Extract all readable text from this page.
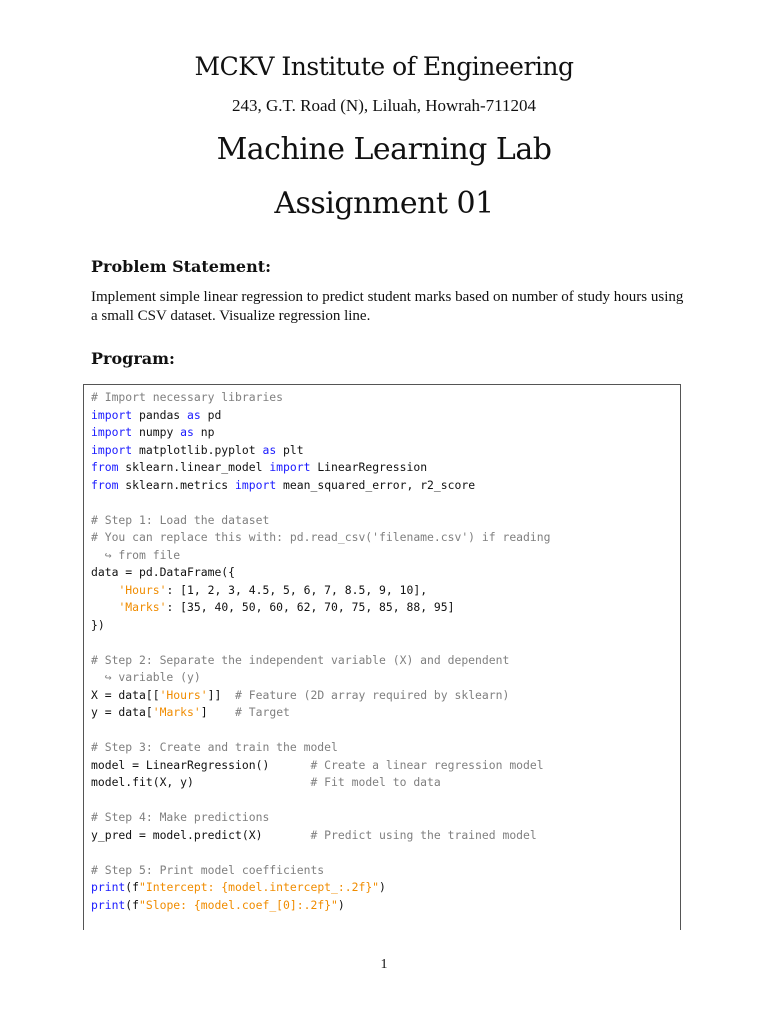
MCKV Institute of Engineering
243, G.T. Road (N), Liluah, Howrah-711204
Machine Learning Lab
Assignment 01
Problem Statement:
Implement simple linear regression to predict student marks based on number of study hours using a small CSV dataset. Visualize regression line.
Program:
# Import necessary libraries
import pandas as pd
import numpy as np
import matplotlib.pyplot as plt
from sklearn.linear_model import LinearRegression
from sklearn.metrics import mean_squared_error, r2_score

# Step 1: Load the dataset
# You can replace this with: pd.read_csv('filename.csv') if reading
↪ from file
data = pd.DataFrame({
'Hours': [1, 2, 3, 4.5, 5, 6, 7, 8.5, 9, 10],
'Marks': [35, 40, 50, 60, 62, 70, 75, 85, 88, 95]
})

# Step 2: Separate the independent variable (X) and dependent
↪ variable (y)
X = data[['Hours']]  # Feature (2D array required by sklearn)
y = data['Marks']    # Target

# Step 3: Create and train the model
model = LinearRegression()      # Create a linear regression model
model.fit(X, y)                 # Fit model to data

# Step 4: Make predictions
y_pred = model.predict(X)       # Predict using the trained model

# Step 5: Print model coefficients
print(f"Intercept: {model.intercept_:.2f}")
print(f"Slope: {model.coef_[0]:.2f}")
1
